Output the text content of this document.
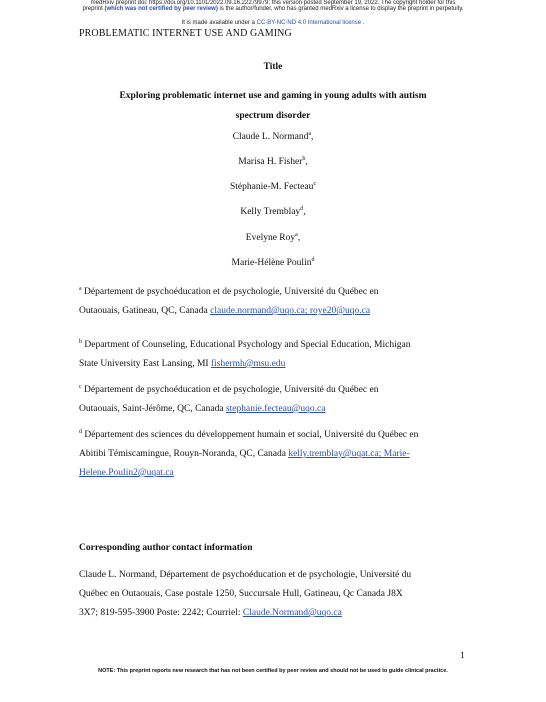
medRxiv preprint doi: https://doi.org/10.1101/2022.09.16.22279979; this version posted September 19, 2022. The copyright holder for this
preprint (which was not certified by peer review) is the author/funder, who has granted medRxiv a license to display the preprint in perpetuity.
It is made available under a CC-BY-NC-ND 4.0 International license .
PROBLEMATIC INTERNET USE AND GAMING
Title
Exploring problematic internet use and gaming in young adults with autism
spectrum disorder
Claude L. Normand$^a$,
Marisa H. Fisher$^b$,
Stéphanie-M. Fecteau$^c$
Kelly Tremblay$^d$,
Evelyne Roy$^a$,
Marie-Hélène Poulin$^d$
$^a$ Département de psychoéducation et de psychologie, Université du Québec en
Outaouais, Gatineau, QC, Canada claude.normand@uqo.ca; roye20@uqo.ca
$^b$ Department of Counseling, Educational Psychology and Special Education, Michigan
State University East Lansing, MI fishermh@msu.edu
$^c$ Département de psychoéducation et de psychologie, Université du Québec en
Outaouais, Saint-Jérôme, QC, Canada stephanie.fecteau@uqo.ca
$^d$ Département des sciences du développement humain et social, Université du Québec en
Abitibi Témiscamingue, Rouyn-Noranda, QC, Canada kelly.tremblay@uqat.ca; Marie-
Helene.Poulin2@uqat.ca
Corresponding author contact information
Claude L. Normand, Département de psychoéducation et de psychologie, Université du
Québec en Outaouais, Case postale 1250, Succursale Hull, Gatineau, Qc Canada J8X
3X7; 819-595-3900 Poste: 2242; Courriel: Claude.Normand@uqo.ca
1
NOTE: This preprint reports new research that has not been certified by peer review and should not be used to guide clinical practice.
